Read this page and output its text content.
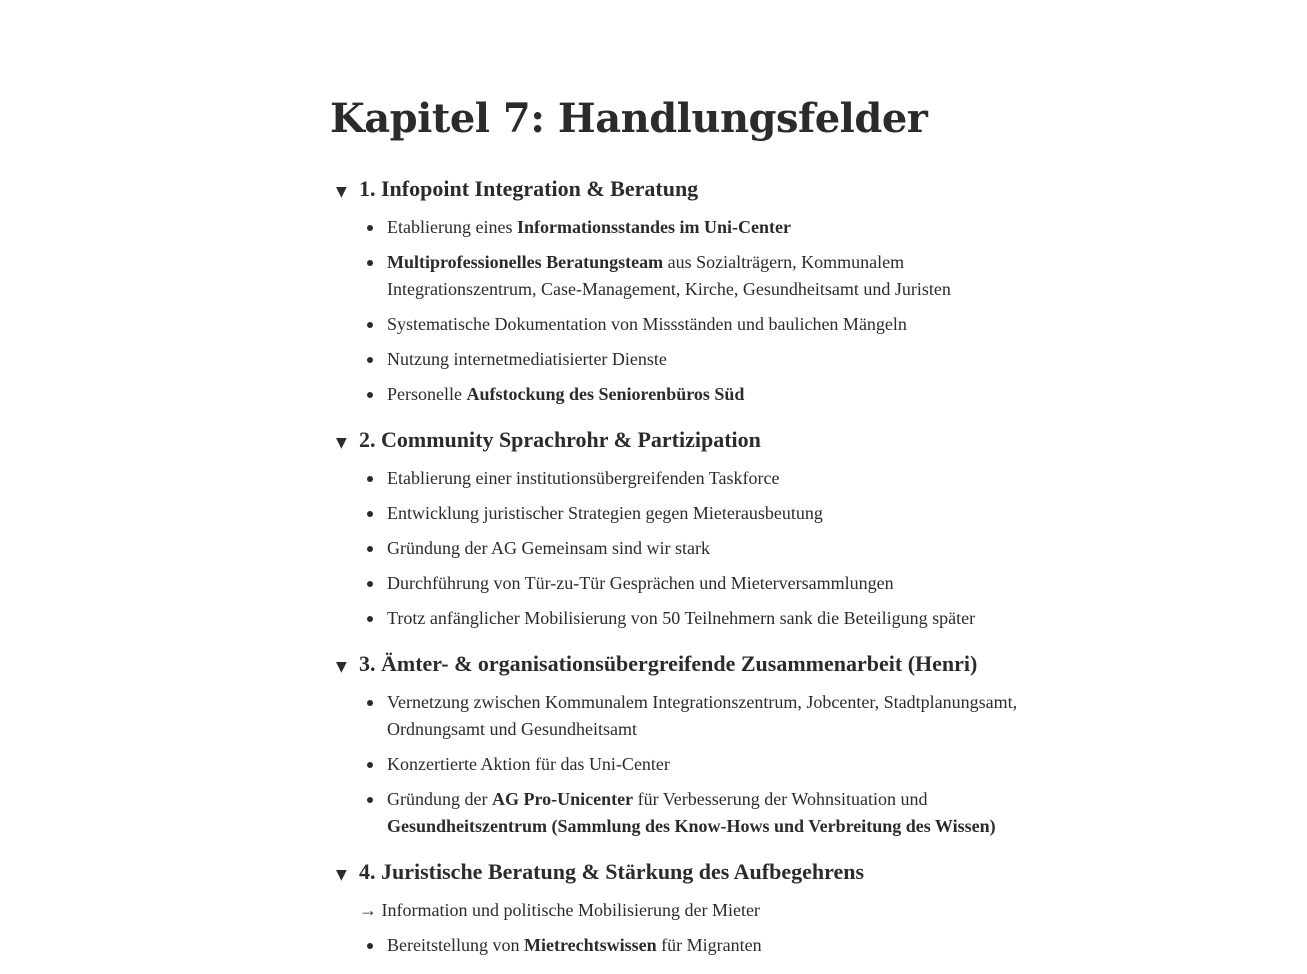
Kapitel 7: Handlungsfelder
▼ 1. Infopoint Integration & Beratung
Etablierung eines Informationsstandes im Uni-Center
Multiprofessionelles Beratungsteam aus Sozialträgern, Kommunalem Integrationszentrum, Case-Management, Kirche, Gesundheitsamt und Juristen
Systematische Dokumentation von Missständen und baulichen Mängeln
Nutzung internetmediatisierter Dienste
Personelle Aufstockung des Seniorenbüros Süd
▼ 2. Community Sprachrohr & Partizipation
Etablierung einer institutionsübergreifenden Taskforce
Entwicklung juristischer Strategien gegen Mieterausbeutung
Gründung der AG Gemeinsam sind wir stark
Durchführung von Tür-zu-Tür Gesprächen und Mieterversammlungen
Trotz anfänglicher Mobilisierung von 50 Teilnehmern sank die Beteiligung später
▼ 3. Ämter- & organisationsübergreifende Zusammenarbeit (Henri)
Vernetzung zwischen Kommunalem Integrationszentrum, Jobcenter, Stadtplanungsamt, Ordnungsamt und Gesundheitsamt
Konzertierte Aktion für das Uni-Center
Gründung der AG Pro-Unicenter für Verbesserung der Wohnsituation und Gesundheitszentrum (Sammlung des Know-Hows und Verbreitung des Wissen)
▼ 4. Juristische Beratung & Stärkung des Aufbegehrens
→ Information und politische Mobilisierung der Mieter
Bereitstellung von Mietrechtswissen für Migranten
